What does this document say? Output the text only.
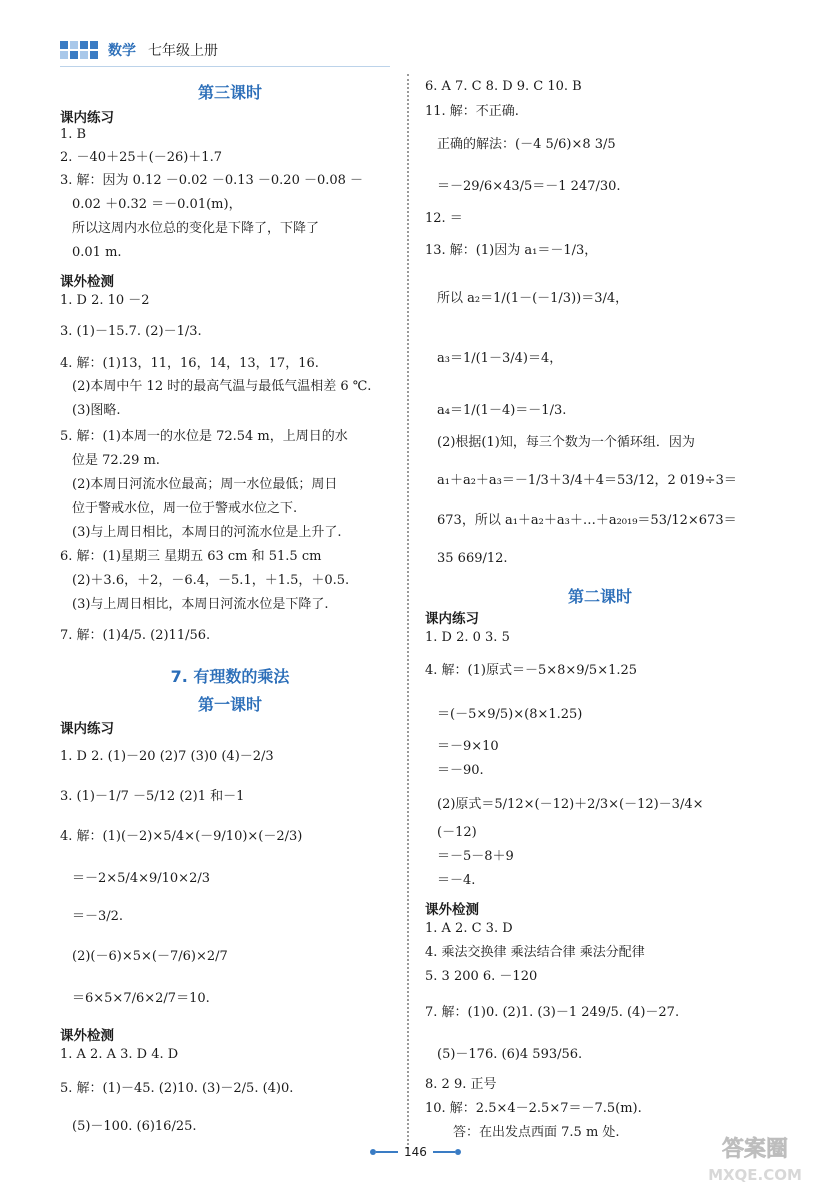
数学 七年级上册
第三课时
课内练习
1. B
2. －40＋25＋(－26)＋1.7
3. 解：因为 0.12 －0.02 －0.13 －0.20 －0.08 －
0.02 ＋0.32 ＝－0.01(m)，
所以这周内水位总的变化是下降了，下降了
0.01 m.
课外检测
1. D 2. 10 －2
3. (1)－15.7. (2)－1/3.
4. 解：(1)13，11，16，14，13，17，16.
(2)本周中午 12 时的最高气温与最低气温相差 6 ℃.
(3)图略.
5. 解：(1)本周一的水位是 72.54 m，上周日的水
位是 72.29 m.
(2)本周日河流水位最高；周一水位最低；周日
位于警戒水位，周一位于警戒水位之下.
(3)与上周日相比，本周日的河流水位是上升了.
6. 解：(1)星期三 星期五 63 cm 和 51.5 cm
(2)＋3.6，＋2，－6.4，－5.1，＋1.5，＋0.5.
(3)与上周日相比，本周日河流水位是下降了.
7. 解：(1)4/5. (2)11/56.
7. 有理数的乘法
第一课时
课内练习
1. D 2. (1)－20 (2)7 (3)0 (4)－2/3
3. (1)－1/7 －5/12 (2)1 和－1
4. 解：(1)(－2)×5/4×(－9/10)×(－2/3)
＝－2×5/4×9/10×2/3
＝－3/2.
(2)(－6)×5×(－7/6)×2/7
＝6×5×7/6×2/7＝10.
课外检测
1. A 2. A 3. D 4. D
5. 解：(1)－45. (2)10. (3)－2/5. (4)0.
(5)－100. (6)16/25.
6. A 7. C 8. D 9. C 10. B
11. 解：不正确.
正确的解法：(－4 5/6)×8 3/5
＝－29/6×43/5＝－1 247/30.
12. ＝
13. 解：(1)因为 a₁＝－1/3，
所以 a₂＝1/(1－(－1/3))＝3/4，
a₃＝1/(1－3/4)＝4，
a₄＝1/(1－4)＝－1/3.
(2)根据(1)知，每三个数为一个循环组．因为
a₁＋a₂＋a₃＝－1/3＋3/4＋4＝53/12，2 019÷3＝
673，所以 a₁＋a₂＋a₃＋…＋a₂₀₁₉＝53/12×673＝
35 669/12.
第二课时
课内练习
1. D 2. 0 3. 5
4. 解：(1)原式＝－5×8×9/5×1.25
＝(－5×9/5)×(8×1.25)
＝－9×10
＝－90.
(2)原式＝5/12×(－12)＋2/3×(－12)－3/4×
(－12)
＝－5－8＋9
＝－4.
课外检测
1. A 2. C 3. D
4. 乘法交换律 乘法结合律 乘法分配律
5. 3 200 6. －120
7. 解：(1)0. (2)1. (3)－1 249/5. (4)－27.
(5)－176. (6)4 593/56.
8. 2 9. 正号
10. 解：2.5×4－2.5×7＝－7.5(m).
答：在出发点西面 7.5 m 处.
146	答案圈
MXQE.COM
